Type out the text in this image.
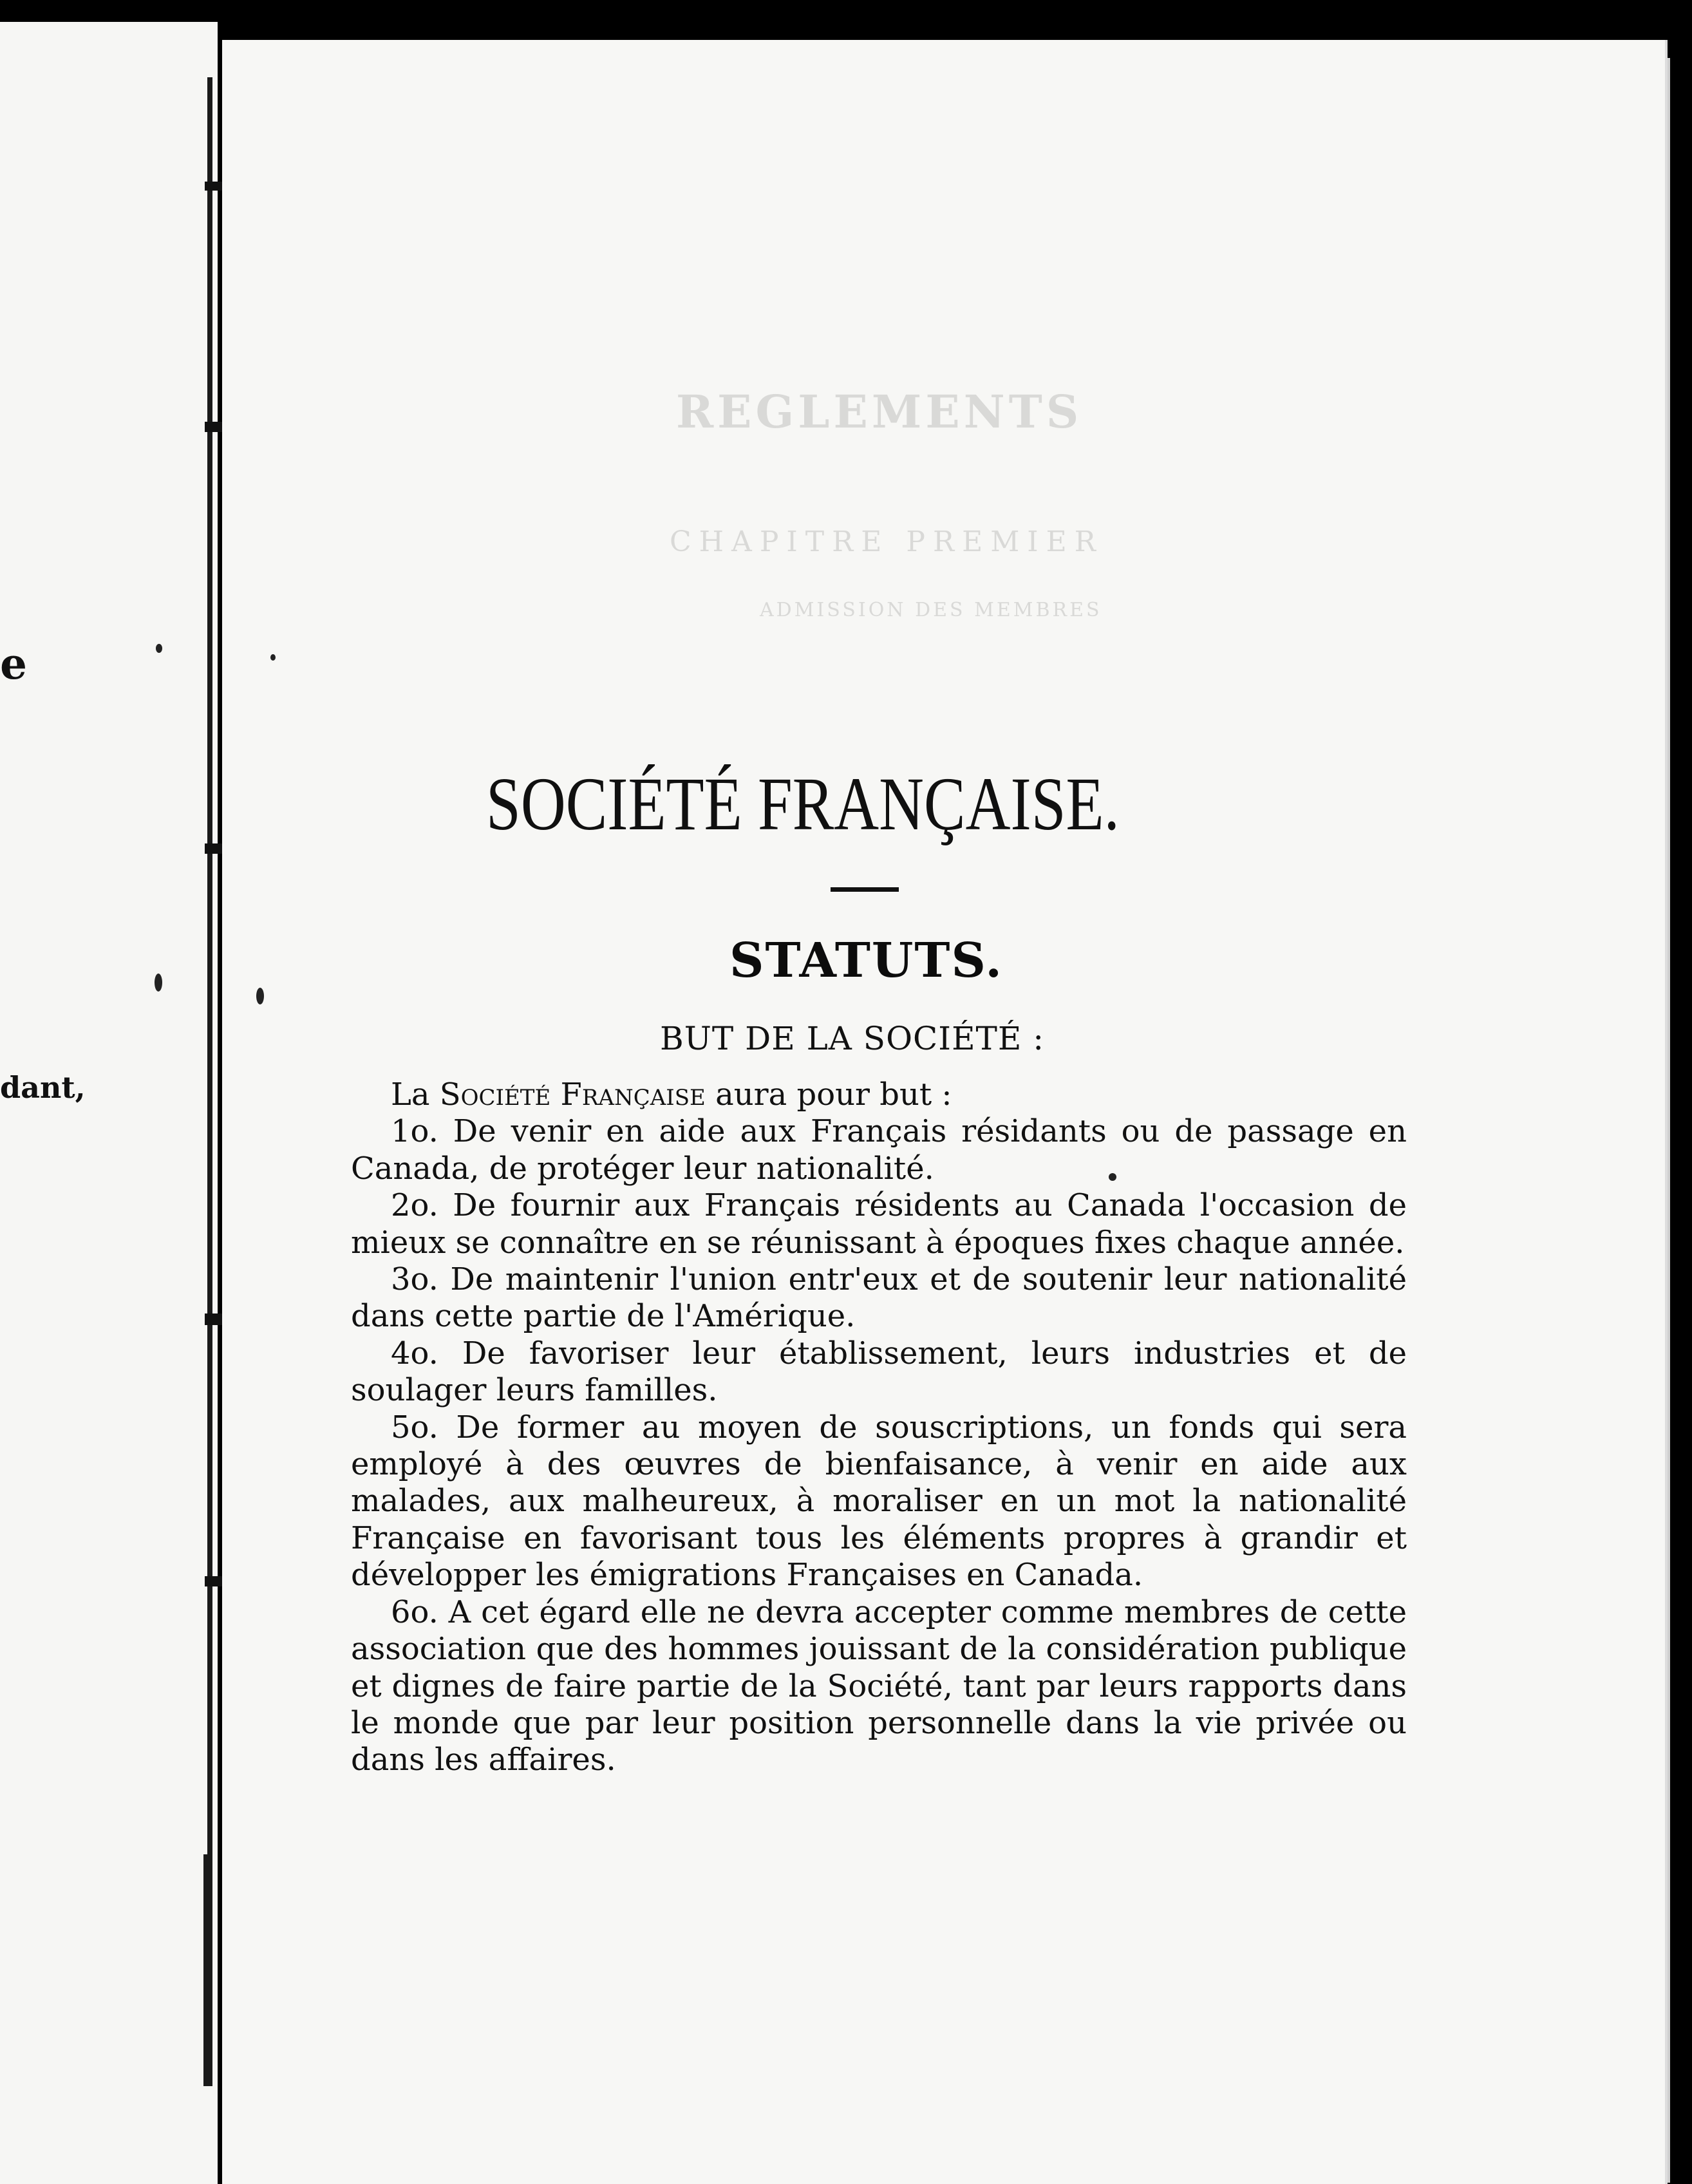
e
dant,
REGLEMENTS
CHAPITRE PREMIER
ADMISSION DES MEMBRES
SOCIÉTÉ FRANÇAISE.
STATUTS.
BUT DE LA SOCIÉTÉ :

La Société Française aura pour but :

1o. De venir en aide aux Français résidants ou de passage en Canada, de protéger leur nationalité.

2o. De fournir aux Français résidents au Canada l'occasion de mieux se connaître en se réunissant à époques fixes chaque année.

3o. De maintenir l'union entr'eux et de soutenir leur nationalité dans cette partie de l'Amérique.

4o. De favoriser leur établissement, leurs industries et de soulager leurs familles.

5o. De former au moyen de souscriptions, un fonds qui sera employé à des œuvres de bienfaisance, à venir en aide aux malades, aux malheureux, à moraliser en un mot la nationalité Française en favorisant tous les éléments propres à grandir et développer les émigrations Françaises en Canada.

6o. A cet égard elle ne devra accepter comme membres de cette association que des hommes jouissant de la considération publique et dignes de faire partie de la Société, tant par leurs rapports dans le monde que par leur position personnelle dans la vie privée ou dans les affaires.
